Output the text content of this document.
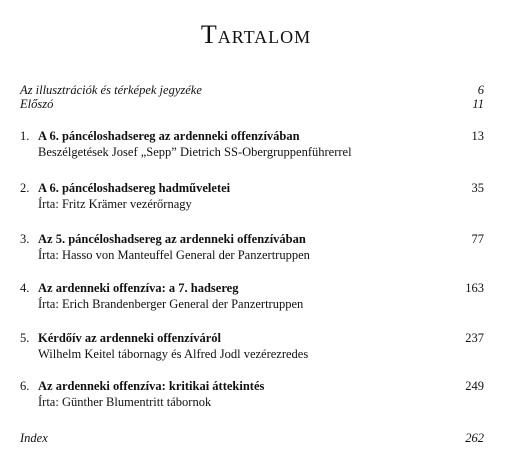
Tartalom
Az illusztrációk és térképek jegyzéke	6
Előszó	11
1. A 6. páncéloshadsereg az ardenneki offenzívában	13
Beszélgetések Josef „Sepp” Dietrich SS-Obergruppenführerrel
2. A 6. páncéloshadsereg hadműveletei	35
Írta: Fritz Krämer vezérőrnagy
3. Az 5. páncéloshadsereg az ardenneki offenzívában	77
Írta: Hasso von Manteuffel General der Panzertruppen
4. Az ardenneki offenzíva: a 7. hadsereg	163
Írta: Erich Brandenberger General der Panzertruppen
5. Kérdőív az ardenneki offenzíváról	237
Wilhelm Keitel tábornagy és Alfred Jodl vezérezredes
6. Az ardenneki offenzíva: kritikai áttekintés	249
Írta: Günther Blumentritt tábornok
Index	262
